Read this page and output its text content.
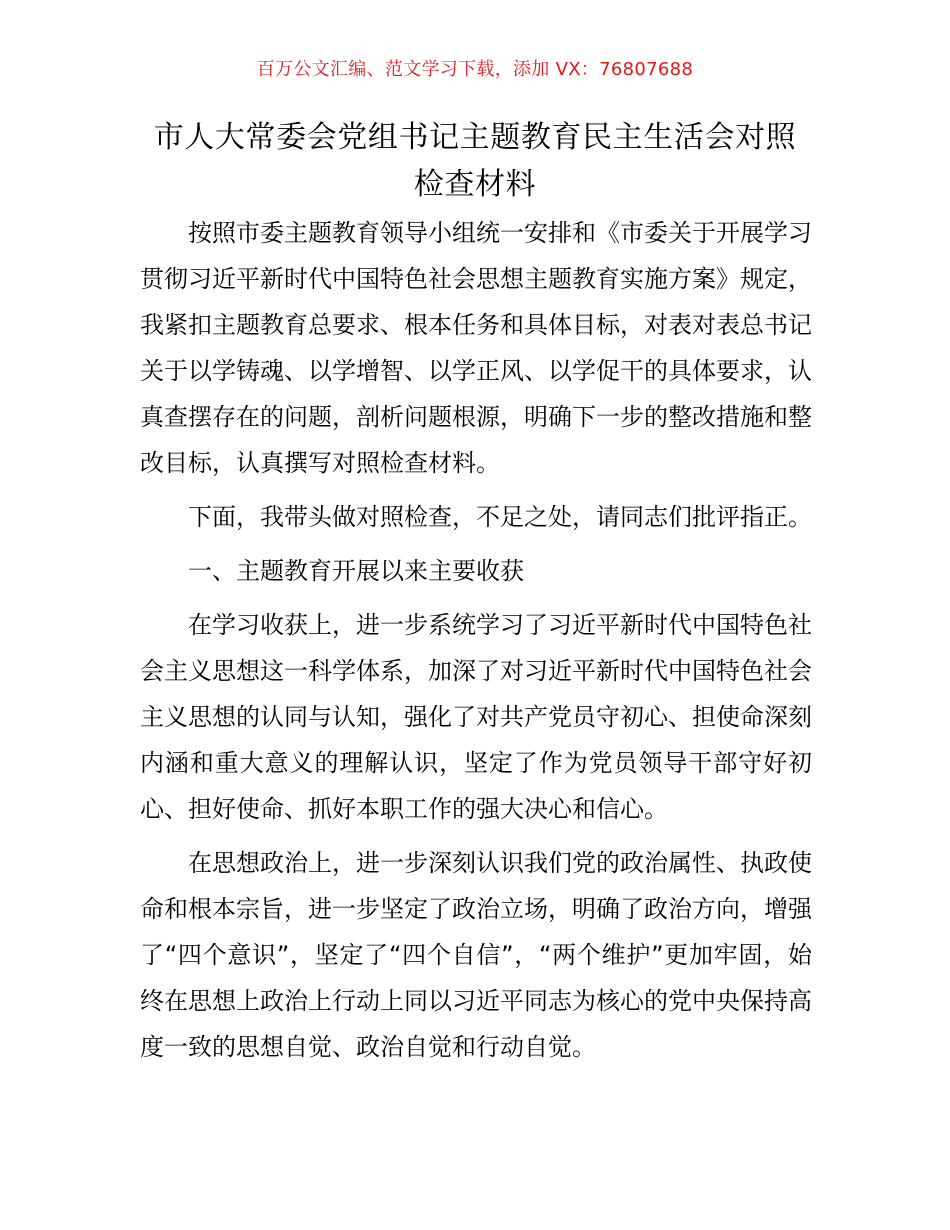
百万公文汇编、范文学习下载，添加 VX：76807688
市人大常委会党组书记主题教育民主生活会对照检查材料

按照市委主题教育领导小组统一安排和《市委关于开展学习贯彻习近平新时代中国特色社会思想主题教育实施方案》规定，我紧扣主题教育总要求、根本任务和具体目标，对表对表总书记关于以学铸魂、以学增智、以学正风、以学促干的具体要求，认真查摆存在的问题，剖析问题根源，明确下一步的整改措施和整改目标，认真撰写对照检查材料。

下面，我带头做对照检查，不足之处，请同志们批评指正。

一、主题教育开展以来主要收获

在学习收获上，进一步系统学习了习近平新时代中国特色社会主义思想这一科学体系，加深了对习近平新时代中国特色社会主义思想的认同与认知，强化了对共产党员守初心、担使命深刻内涵和重大意义的理解认识，坚定了作为党员领导干部守好初心、担好使命、抓好本职工作的强大决心和信心。

在思想政治上，进一步深刻认识我们党的政治属性、执政使命和根本宗旨，进一步坚定了政治立场，明确了政治方向，增强了“四个意识”，坚定了“四个自信”，“两个维护”更加牢固，始终在思想上政治上行动上同以习近平同志为核心的党中央保持高度一致的思想自觉、政治自觉和行动自觉。
